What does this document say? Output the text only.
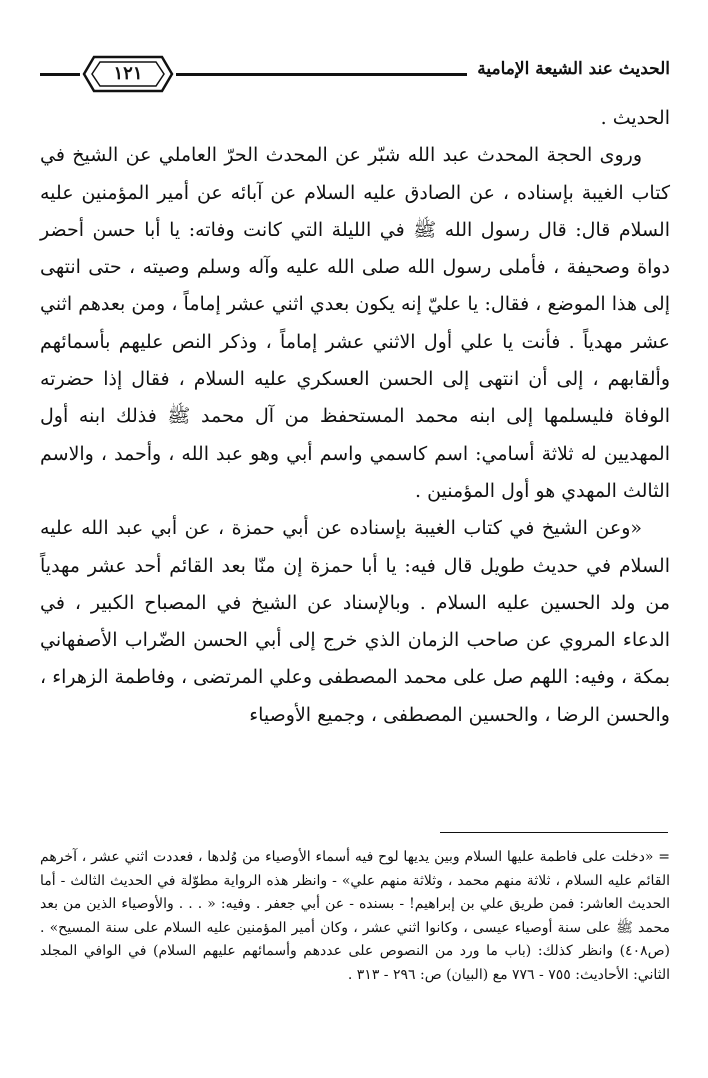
الحديث عند الشيعة الإمامية
١٢١

الحديث .

وروى الحجة المحدث عبد الله شبّر عن المحدث الحرّ العاملي عن الشيخ في كتاب الغيبة بإسناده ، عن الصادق عليه السلام عن آبائه عن أمير المؤمنين عليه السلام قال: قال رسول الله ﷺ في الليلة التي كانت وفاته: يا أبا حسن أحضر دواة وصحيفة ، فأملى رسول الله صلى الله عليه وآله وسلم وصيته ، حتى انتهى إلى هذا الموضع ، فقال: يا عليّ إنه يكون بعدي اثني عشر إماماً ، ومن بعدهم اثني عشر مهدياً . فأنت يا علي أول الاثني عشر إماماً ، وذكر النص عليهم بأسمائهم وألقابهم ، إلى أن انتهى إلى الحسن العسكري عليه السلام ، فقال إذا حضرته الوفاة فليسلمها إلى ابنه محمد المستحفظ من آل محمد ﷺ فذلك ابنه أول المهديين له ثلاثة أسامي: اسم كاسمي واسم أبي وهو عبد الله ، وأحمد ، والاسم الثالث المهدي هو أول المؤمنين .

«وعن الشيخ في كتاب الغيبة بإسناده عن أبي حمزة ، عن أبي عبد الله عليه السلام في حديث طويل قال فيه: يا أبا حمزة إن منّا بعد القائم أحد عشر مهدياً من ولد الحسين عليه السلام . وبالإسناد عن الشيخ في المصباح الكبير ، في الدعاء المروي عن صاحب الزمان الذي خرج إلى أبي الحسن الضّراب الأصفهاني بمكة ، وفيه: اللهم صل على محمد المصطفى وعلي المرتضى ، وفاطمة الزهراء ، والحسن الرضا ، والحسين المصطفى ، وجميع الأوصياء

= «دخلت على فاطمة عليها السلام وبين يديها لوح فيه أسماء الأوصياء من وُلدها ، فعددت اثني عشر ، آخرهم القائم عليه السلام ، ثلاثة منهم محمد ، وثلاثة منهم علي» - وانظر هذه الرواية مطوّلة في الحديث الثالث - أما الحديث العاشر: فمن طريق علي بن إبراهيم! - بسنده - عن أبي جعفر . وفيه: « . . . والأوصياء الذين من بعد محمد ﷺ على سنة أوصياء عيسى ، وكانوا اثني عشر ، وكان أمير المؤمنين عليه السلام على سنة المسيح» . (ص٤٠٨) وانظر كذلك: (باب ما ورد من النصوص على عددهم وأسمائهم عليهم السلام) في الوافي المجلد الثاني: الأحاديث: ٧٥٥ - ٧٧٦ مع (البيان) ص: ٢٩٦ - ٣١٣ .
